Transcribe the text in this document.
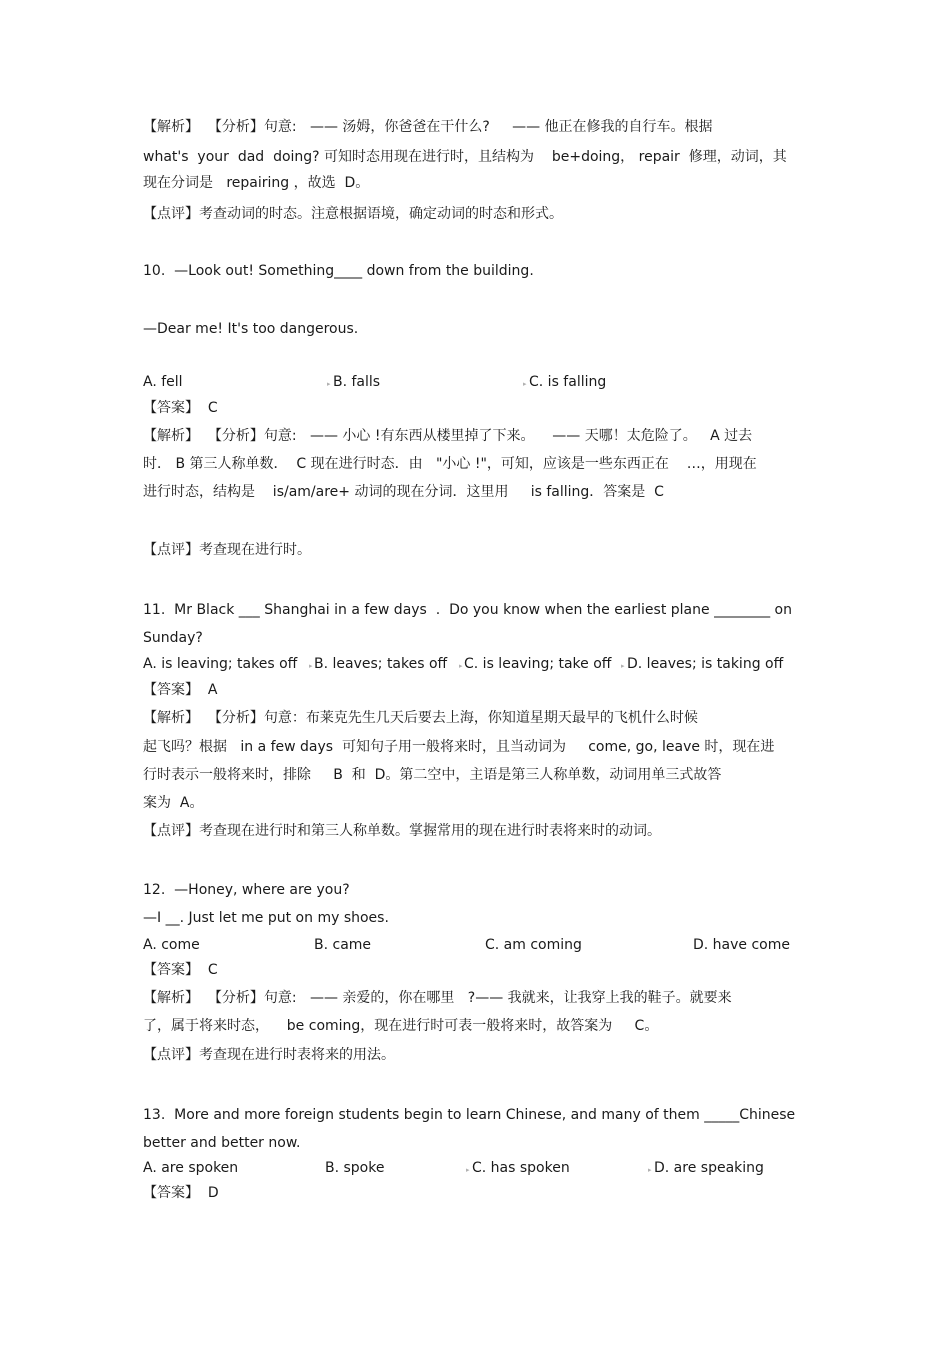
【解析】  【分析】句意:   —— 汤姆，你爸爸在干什么?     —— 他正在修我的自行车。根据
what's  your  dad  doing? 可知时态用现在进行时，且结构为    be+doing， repair  修理，动词，其
现在分词是   repairing ，故选  D。
【点评】考查动词的时态。注意根据语境，确定动词的时态和形式。
10.  —Look out! Something____ down from the building.
—Dear me! It's too dangerous.
A. fell	▸ B. falls	▸ C. is falling
【答案】  C
【解析】  【分析】句意:   —— 小心 !有东西从楼里掉了下来。    —— 天哪！太危险了。   A 过去
时． B 第三人称单数．  C 现在进行时态．由   "小心 !"，可知，应该是一些东西正在    …，用现在
进行时态，结构是    is/am/are+ 动词的现在分词．这里用     is falling．答案是  C
【点评】考查现在进行时。
11.  Mr Black ___ Shanghai in a few days  .  Do you know when the earliest plane ________ on
Sunday?
A. is leaving; takes off ▸ B. leaves; takes off ▸ C. is leaving; take off ▸ D. leaves; is taking off
【答案】  A
【解析】  【分析】句意：布莱克先生几天后要去上海，你知道星期天最早的飞机什么时候
起飞吗？根据   in a few days  可知句子用一般将来时，且当动词为     come, go, leave 时，现在进
行时表示一般将来时，排除     B  和  D。第二空中，主语是第三人称单数，动词用单三式故答
案为  A。
【点评】考查现在进行时和第三人称单数。掌握常用的现在进行时表将来时的动词。
12.  —Honey, where are you?
—I __. Just let me put on my shoes.
A. come	B. came	C. am coming	D. have come
【答案】  C
【解析】  【分析】句意:   —— 亲爱的，你在哪里   ?—— 我就来，让我穿上我的鞋子。就要来
了，属于将来时态，    be coming，现在进行时可表一般将来时，故答案为     C。
【点评】考查现在进行时表将来的用法。
13.  More and more foreign students begin to learn Chinese, and many of them _____Chinese
better and better now.
A. are spoken	B. spoke	▸ C. has spoken	▸ D. are speaking
【答案】  D
